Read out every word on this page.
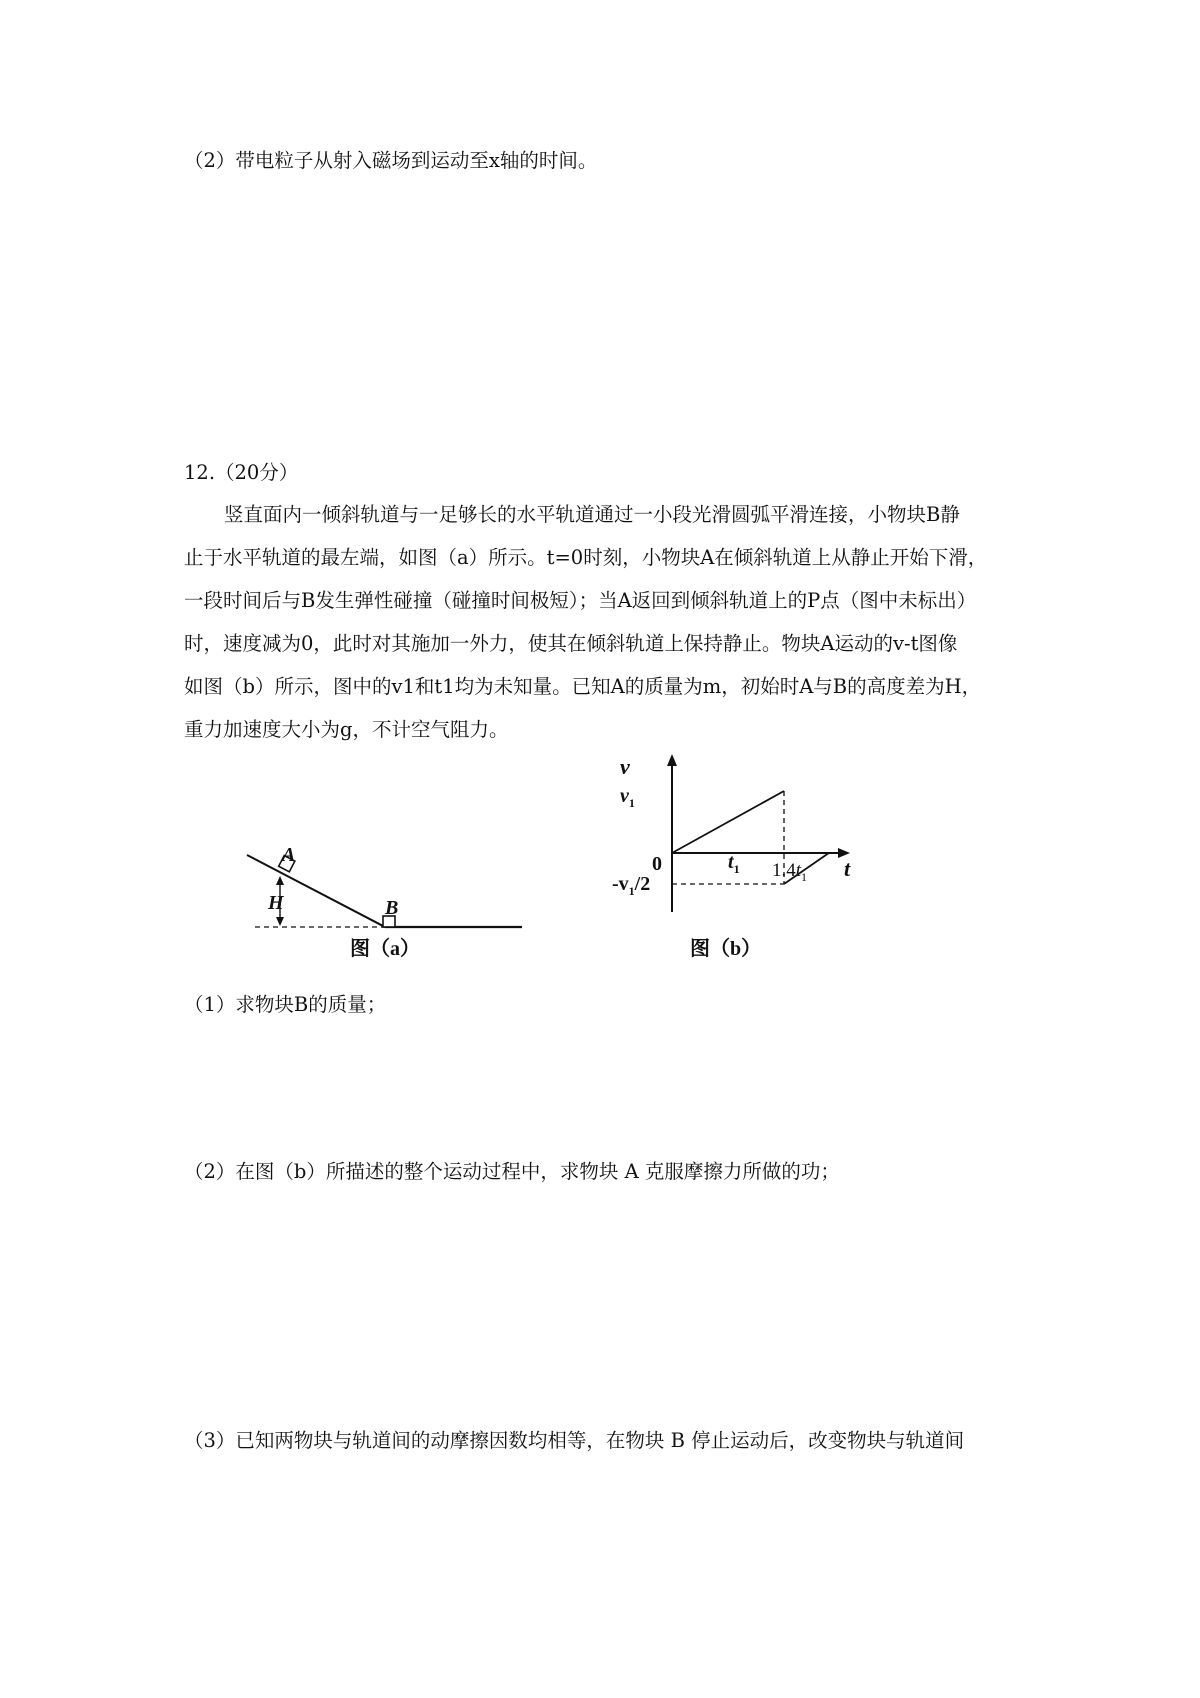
（2）带电粒子从射入磁场到运动至x轴的时间。
12.（20分）
竖直面内一倾斜轨道与一足够长的水平轨道通过一小段光滑圆弧平滑连接，小物块B静
止于水平轨道的最左端，如图（a）所示。t=0时刻，小物块A在倾斜轨道上从静止开始下滑，
一段时间后与B发生弹性碰撞（碰撞时间极短）；当A返回到倾斜轨道上的P点（图中未标出）
时，速度减为0，此时对其施加一外力，使其在倾斜轨道上保持静止。物块A运动的v-t图像
如图（b）所示，图中的v1和t1均为未知量。已知A的质量为m，初始时A与B的高度差为H，
重力加速度大小为g，不计空气阻力。
A
H	B
图（a）
v
t
0
$v_1$
$-v_1/2$
$t_1$ $1.4t_1$
图（b）
（1）求物块B的质量；
（2）在图（b）所描述的整个运动过程中，求物块 A 克服摩擦力所做的功；
（3）已知两物块与轨道间的动摩擦因数均相等，在物块 B 停止运动后，改变物块与轨道间
